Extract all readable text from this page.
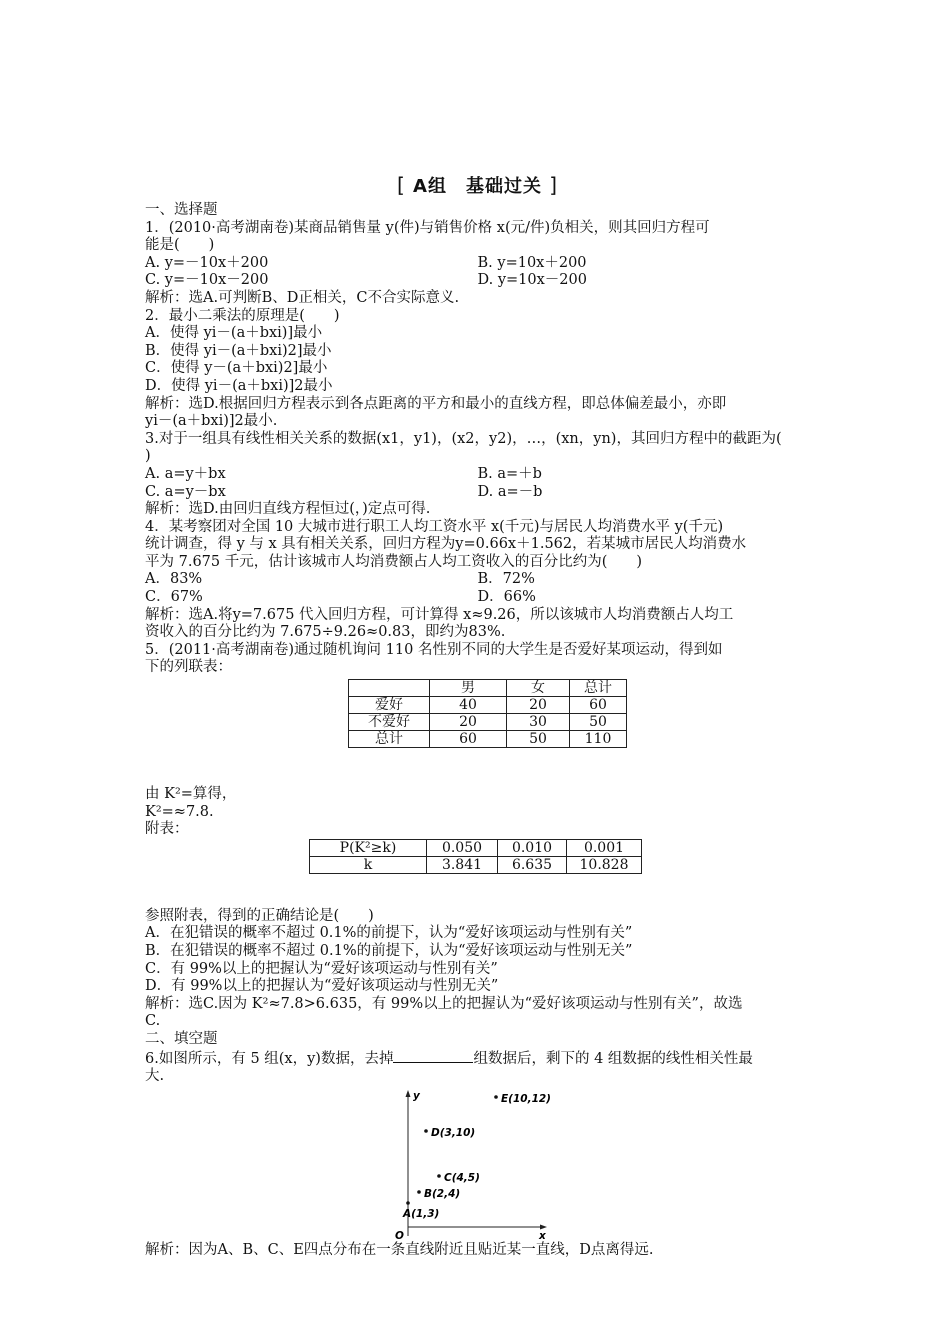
[ A组　基础过关 ]
一、选择题
1．(2010·高考湖南卷)某商品销售量 y(件)与销售价格 x(元/件)负相关，则其回归方程可
能是(　　)
A. y=－10x＋200	B. y=10x＋200
C. y=－10x－200	D. y=10x－200
解析：选A.可判断B、D正相关，C不合实际意义.
2．最小二乘法的原理是(　　)
A．使得 yi－(a＋bxi)]最小
B．使得 yi－(a＋bxi)2]最小
C．使得 y－(a＋bxi)2]最小
D．使得 yi－(a＋bxi)]2最小
解析：选D.根据回归方程表示到各点距离的平方和最小的直线方程，即总体偏差最小，亦即
yi－(a＋bxi)]2最小.
3.对于一组具有线性相关关系的数据(x1，y1)，(x2，y2)，…，(xn，yn)，其回归方程中的截距为(
)
A. a=y＋bx	B. a=＋b
C. a=y－bx	D. a=－b
解析：选D.由回归直线方程恒过(，)定点可得.
4．某考察团对全国 10 大城市进行职工人均工资水平 x(千元)与居民人均消费水平 y(千元)
统计调查，得 y 与 x 具有相关关系，回归方程为y=0.66x＋1.562，若某城市居民人均消费水
平为 7.675 千元，估计该城市人均消费额占人均工资收入的百分比约为(　　)
A．83%	B．72%
C．67%	D．66%
解析：选A.将y=7.675 代入回归方程，可计算得 x≈9.26，所以该城市人均消费额占人均工
资收入的百分比约为 7.675÷9.26≈0.83，即约为83%.
5．(2011·高考湖南卷)通过随机询问 110 名性别不同的大学生是否爱好某项运动，得到如
下的列联表：
	男	女	总计
爱好	40	20	60
不爱好	20	30	50
总计	60	50	110
由 K²=算得，
K²=≈7.8.
附表：
P(K²≥k)	0.050	0.010	0.001
k	3.841	6.635	10.828
参照附表，得到的正确结论是(　　)
A．在犯错误的概率不超过 0.1%的前提下，认为“爱好该项运动与性别有关”
B．在犯错误的概率不超过 0.1%的前提下，认为“爱好该项运动与性别无关”
C．有 99%以上的把握认为“爱好该项运动与性别有关”
D．有 99%以上的把握认为“爱好该项运动与性别无关”
解析：选C.因为 K²≈7.8>6.635，有 99%以上的把握认为“爱好该项运动与性别有关”，故选
C.
二、填空题
6.如图所示，有 5 组(x，y)数据，去掉	组数据后，剩下的 4 组数据的线性相关性最
大.
y
x
O
A(1,3)
B(2,4)
C(4,5)
D(3,10)
E(10,12)
解析：因为A、B、C、E四点分布在一条直线附近且贴近某一直线，D点离得远.
